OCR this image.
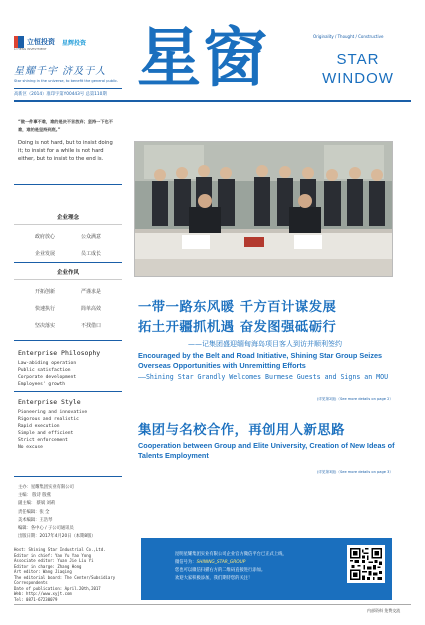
立恒投资 星辉投资
LI HENG INVESTMENT
星耀千宇 济及于人
Star shining in the universe, to benefit the general public.
高新区（2014）准印字第Y00443号 总第110期 星窗	Originality / Thought / Constructive
STAR
WINDOW
“做一件事不难，难的是决不言放弃；坚持一下也不难，难的是坚持到底。”
Doing is not hard, but to insist doing it; to insist for a while is not hard either, but to insist to the end is.
企业理念
政府放心	公众满意
企业发展	员工成长
企业作风
开拓创新	严谨求是
快速执行	简单高效
坚决落实	不找借口
Enterprise Philosophy
Law-abiding operation
Public satisfaction
Corporate development
Employees' growth
Enterprise Style
Pioneering and innovative
Rigorous and realistic
Rapid execution
Simple and efficient
Strict enforcement
No excuse
主办：星耀集团实业有限公司
主编： 殷诗 殷燕
副主编： 蔡斌 刘莉
责任编辑：张 全
美术编辑：王浩琴
编辑：各中心 / 子公司通讯员
出版日期：2017年4月20日（本期8版）
Host: Shining Star Industrial Co.,Ltd.
Editor in chief: Yao Yu Yao Yong
Associate editor: Yuan Jie Liu Yi
Editor in charge: Zhang Hong
Art editor: Wang Jiaqing
The editorial board: The Center/Subsidiary Correspondents
Date of publication: April.20th,2017
Web: http://www.xyjt.com
Tel: 0871-67230079
一带一路东风暖 千方百计谋发展
拓土开疆抓机遇 奋发图强砥砺行
——记集团盛迎缅甸海岛项目客人到访并顺利签约
Encouraged by the Belt and Road Initiative, Shining Star Group Seizes Overseas Opportunities with Unremitting Efforts
——Shining Star Grandly Welcomes Burmese Guests and Signs an MOU
(详见第2版)（See more details on page 2）
集团与名校合作，再创用人新思路
Cooperation between Group and Elite University, Creation of New Ideas of Talents Employment
(详见第3版)（See more details on page 3）
昆明星耀集团实业有限公司企业官方微信平台已正式上线，
微信号为：SHINING_STAR_GROUP
您也可以微信扫描右方的二维码直接进行添加。
欢迎大家积极添加，我们期待您的关注！
内部资料 免费交流
